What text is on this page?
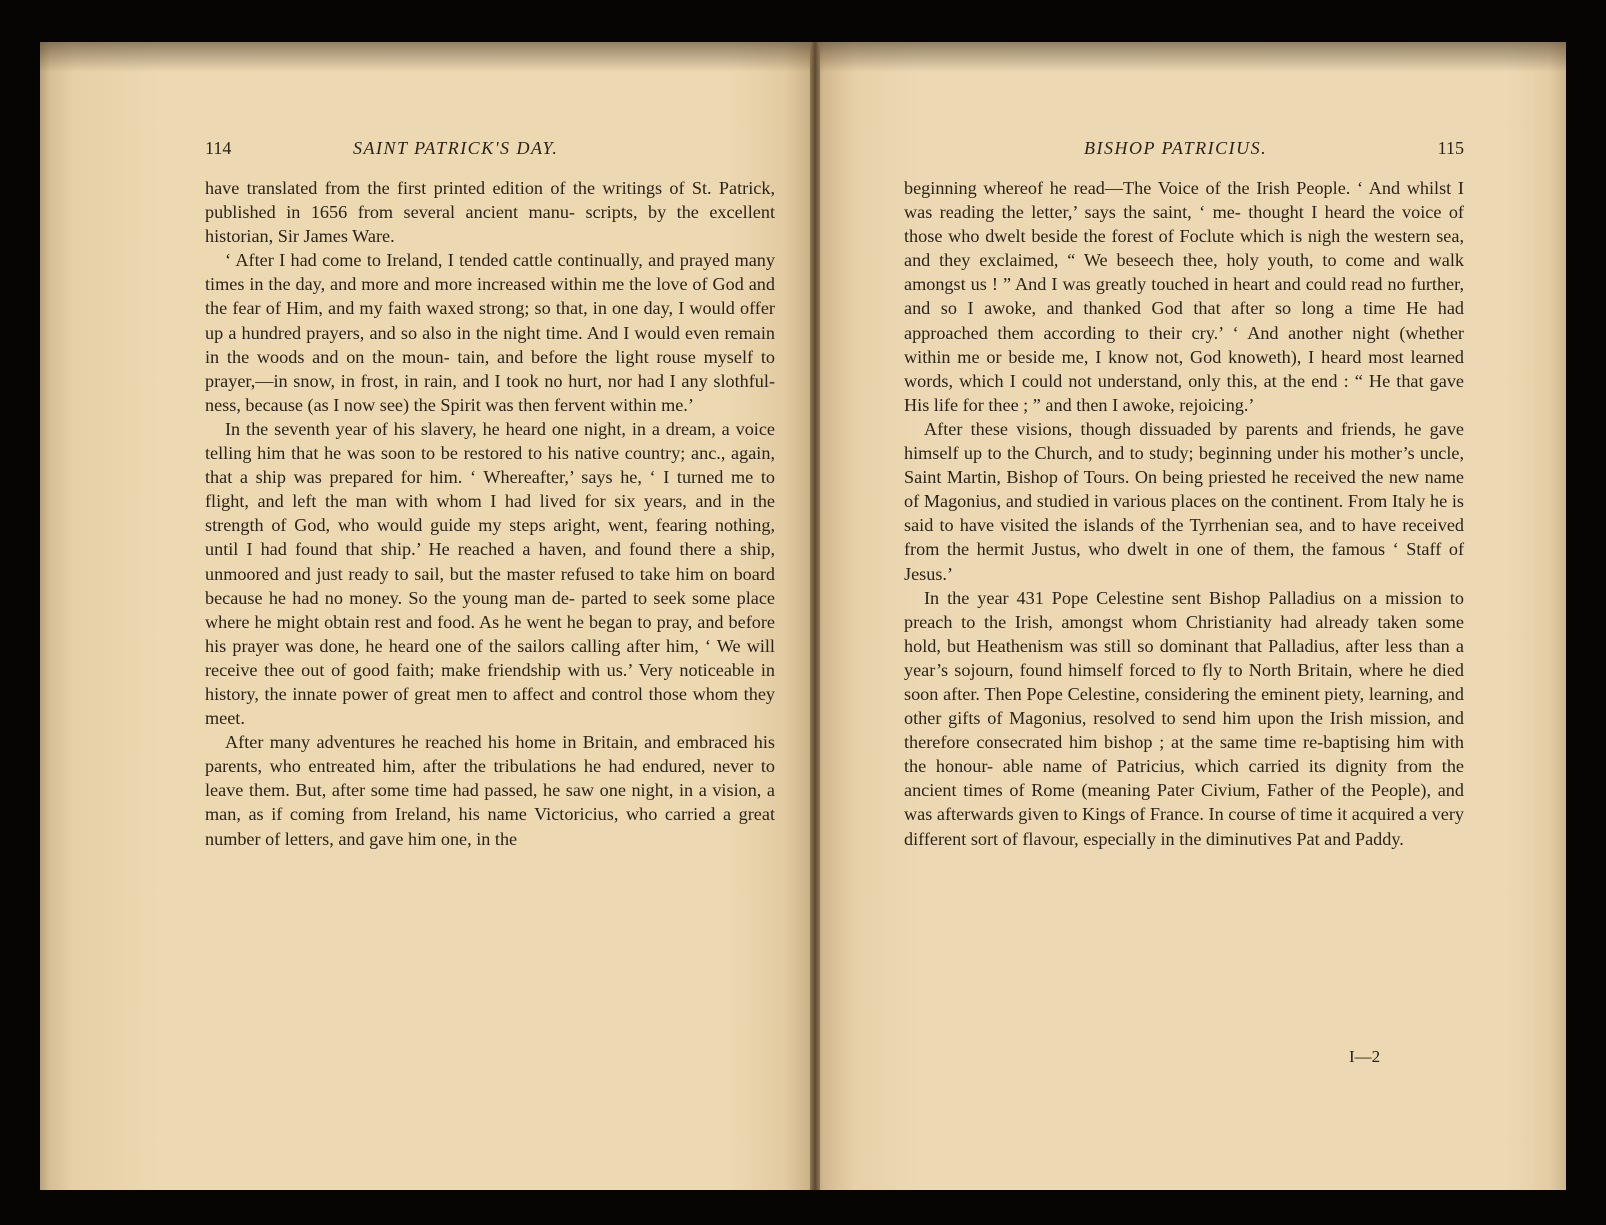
114	SAINT PATRICK'S DAY.

have translated from the first printed edition of the writings of St. Patrick, published in 1656 from several ancient manu- scripts, by the excellent historian, Sir James Ware.

‘ After I had come to Ireland, I tended cattle continually, and prayed many times in the day, and more and more increased within me the love of God and the fear of Him, and my faith waxed strong; so that, in one day, I would offer up a hundred prayers, and so also in the night time. And I would even remain in the woods and on the moun- tain, and before the light rouse myself to prayer,—in snow, in frost, in rain, and I took no hurt, nor had I any slothful- ness, because (as I now see) the Spirit was then fervent within me.’

In the seventh year of his slavery, he heard one night, in a dream, a voice telling him that he was soon to be restored to his native country; anc., again, that a ship was prepared for him. ‘ Whereafter,’ says he, ‘ I turned me to flight, and left the man with whom I had lived for six years, and in the strength of God, who would guide my steps aright, went, fearing nothing, until I had found that ship.’ He reached a haven, and found there a ship, unmoored and just ready to sail, but the master refused to take him on board because he had no money. So the young man de- parted to seek some place where he might obtain rest and food. As he went he began to pray, and before his prayer was done, he heard one of the sailors calling after him, ‘ We will receive thee out of good faith; make friendship with us.’ Very noticeable in history, the innate power of great men to affect and control those whom they meet.

After many adventures he reached his home in Britain, and embraced his parents, who entreated him, after the tribulations he had endured, never to leave them. But, after some time had passed, he saw one night, in a vision, a man, as if coming from Ireland, his name Victoricius, who carried a great number of letters, and gave him one, in the

BISHOP PATRICIUS.	115

beginning whereof he read—The Voice of the Irish People. ‘ And whilst I was reading the letter,’ says the saint, ‘ me- thought I heard the voice of those who dwelt beside the forest of Foclute which is nigh the western sea, and they exclaimed, “ We beseech thee, holy youth, to come and walk amongst us ! ” And I was greatly touched in heart and could read no further, and so I awoke, and thanked God that after so long a time He had approached them according to their cry.’ ‘ And another night (whether within me or beside me, I know not, God knoweth), I heard most learned words, which I could not understand, only this, at the end : “ He that gave His life for thee ; ” and then I awoke, rejoicing.’

After these visions, though dissuaded by parents and friends, he gave himself up to the Church, and to study; beginning under his mother’s uncle, Saint Martin, Bishop of Tours. On being priested he received the new name of Magonius, and studied in various places on the continent. From Italy he is said to have visited the islands of the Tyrrhenian sea, and to have received from the hermit Justus, who dwelt in one of them, the famous ‘ Staff of Jesus.’

In the year 431 Pope Celestine sent Bishop Palladius on a mission to preach to the Irish, amongst whom Christianity had already taken some hold, but Heathenism was still so dominant that Palladius, after less than a year’s sojourn, found himself forced to fly to North Britain, where he died soon after. Then Pope Celestine, considering the eminent piety, learning, and other gifts of Magonius, resolved to send him upon the Irish mission, and therefore consecrated him bishop ; at the same time re-baptising him with the honour- able name of Patricius, which carried its dignity from the ancient times of Rome (meaning Pater Civium, Father of the People), and was afterwards given to Kings of France. In course of time it acquired a very different sort of flavour, especially in the diminutives Pat and Paddy.

I—2
